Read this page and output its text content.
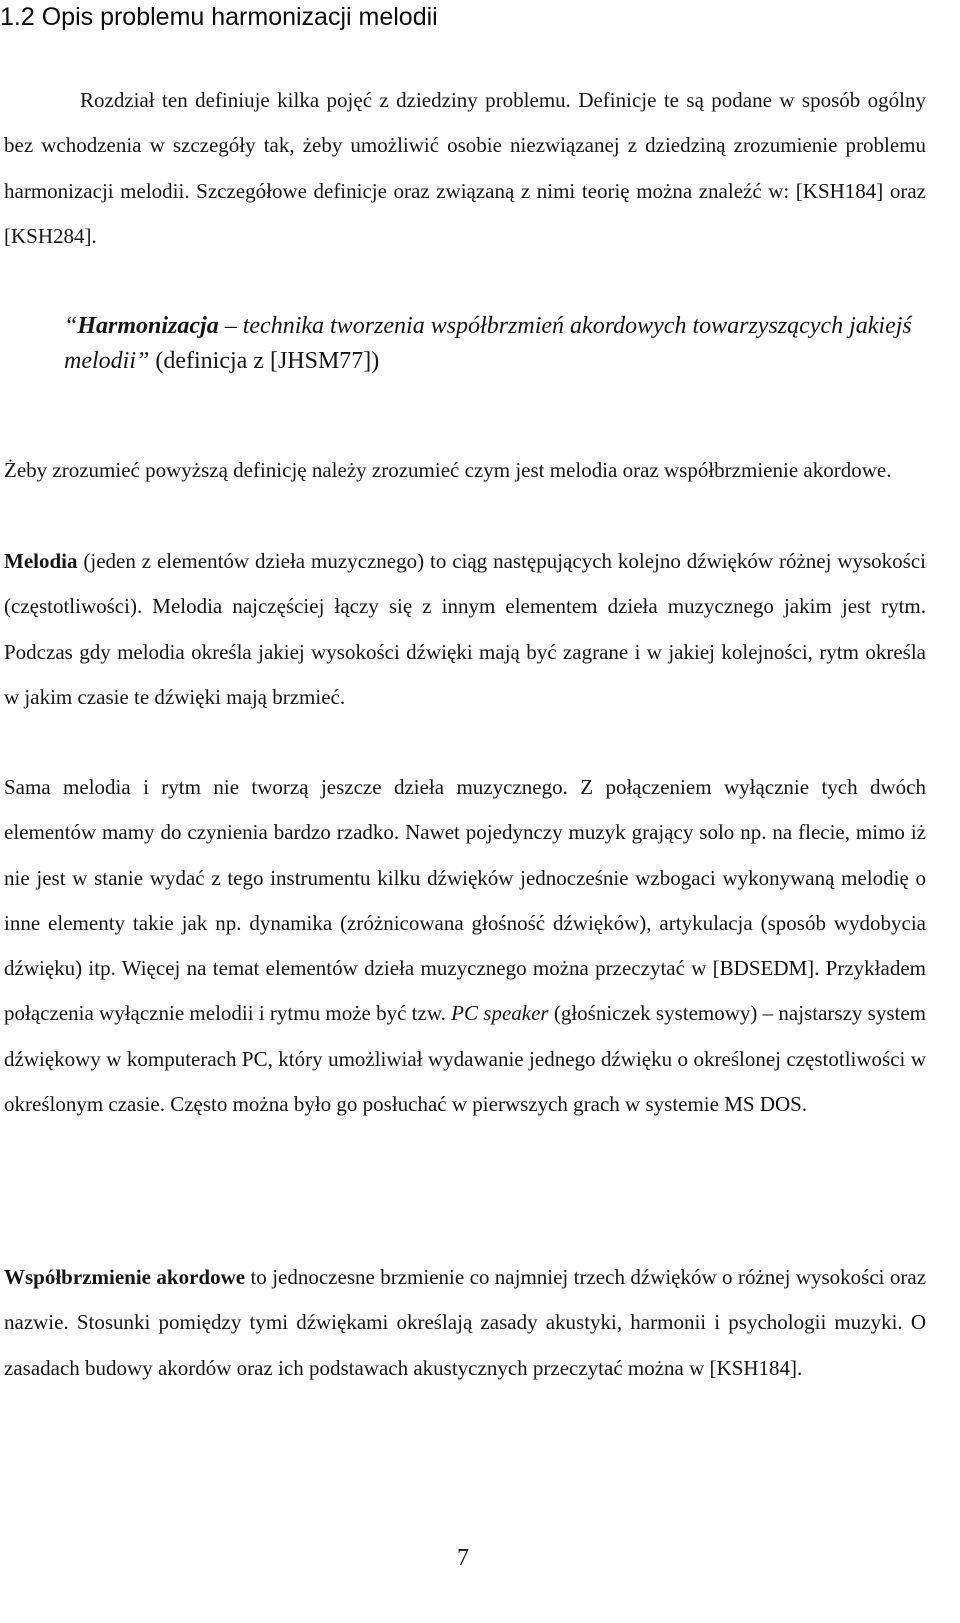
1.2 Opis problemu harmonizacji melodii

Rozdział ten definiuje kilka pojęć z dziedziny problemu. Definicje te są podane w sposób ogólny bez wchodzenia w szczegóły tak, żeby umożliwić osobie niezwiązanej z dziedziną zrozumienie problemu harmonizacji melodii. Szczegółowe definicje oraz związaną z nimi teorię można znaleźć w: [KSH184] oraz [KSH284].

“Harmonizacja – technika tworzenia współbrzmień akordowych towarzyszących jakiejś melodii” (definicja z [JHSM77])

Żeby zrozumieć powyższą definicję należy zrozumieć czym jest melodia oraz współbrzmienie akordowe.

Melodia (jeden z elementów dzieła muzycznego) to ciąg następujących kolejno dźwięków różnej wysokości (częstotliwości). Melodia najczęściej łączy się z innym elementem dzieła muzycznego jakim jest rytm. Podczas gdy melodia określa jakiej wysokości dźwięki mają być zagrane i w jakiej kolejności, rytm określa w jakim czasie te dźwięki mają brzmieć.

Sama melodia i rytm nie tworzą jeszcze dzieła muzycznego. Z połączeniem wyłącznie tych dwóch elementów mamy do czynienia bardzo rzadko. Nawet pojedynczy muzyk grający solo np. na flecie, mimo iż nie jest w stanie wydać z tego instrumentu kilku dźwięków jednocześnie wzbogaci wykonywaną melodię o inne elementy takie jak np. dynamika (zróżnicowana głośność dźwięków), artykulacja (sposób wydobycia dźwięku) itp. Więcej na temat elementów dzieła muzycznego można przeczytać w [BDSEDM]. Przykładem połączenia wyłącznie melodii i rytmu może być tzw. PC speaker (głośniczek systemowy) – najstarszy system dźwiękowy w komputerach PC, który umożliwiał wydawanie jednego dźwięku o określonej częstotliwości w określonym czasie. Często można było go posłuchać w pierwszych grach w systemie MS DOS.

Współbrzmienie akordowe to jednoczesne brzmienie co najmniej trzech dźwięków o różnej wysokości oraz nazwie. Stosunki pomiędzy tymi dźwiękami określają zasady akustyki, harmonii i psychologii muzyki. O zasadach budowy akordów oraz ich podstawach akustycznych przeczytać można w [KSH184].

7
